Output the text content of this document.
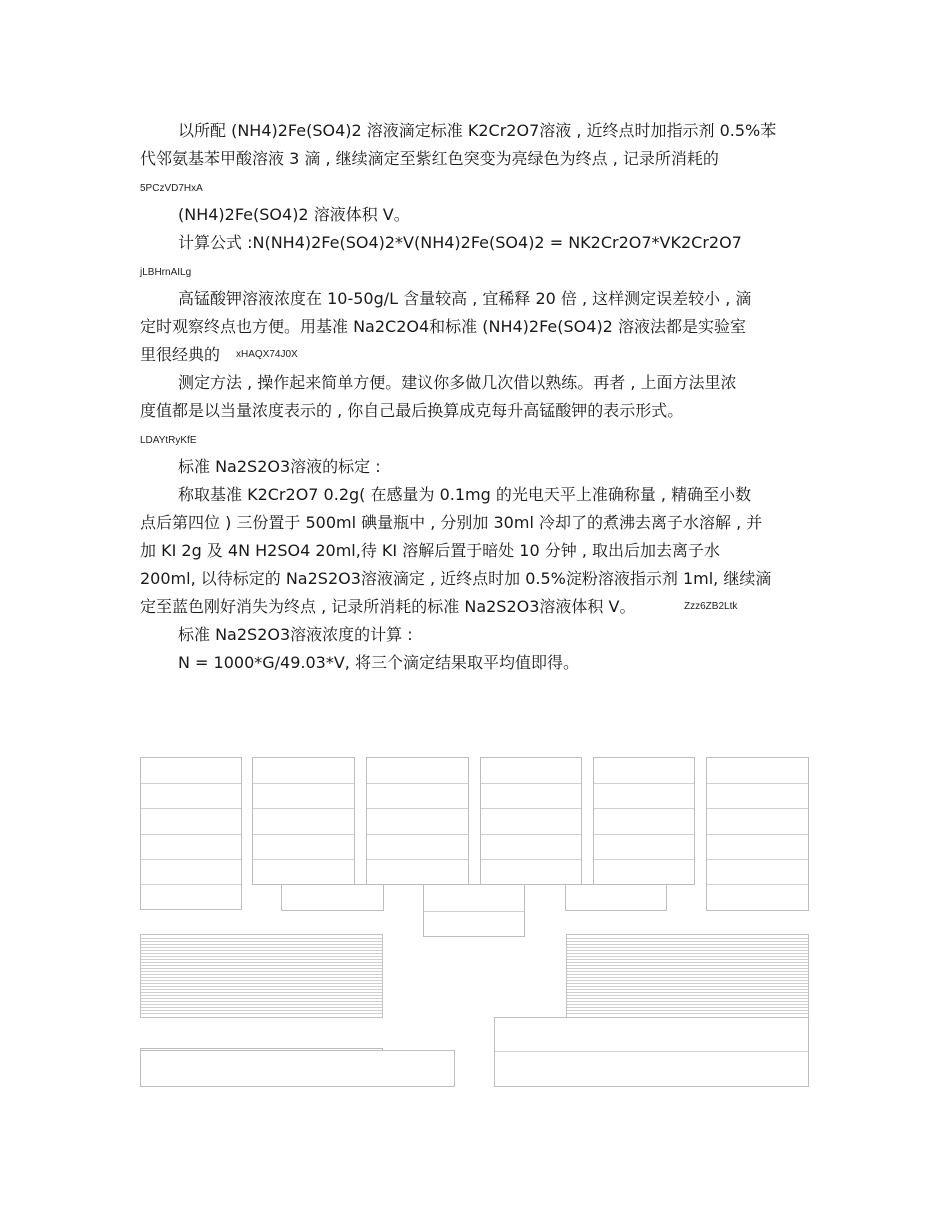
以所配 (NH4)2Fe(SO4)2 溶液滴定标准 K2Cr2O7溶液 , 近终点时加指示剂 0.5%苯
代邻氨基苯甲酸溶液 3 滴 , 继续滴定至紫红色突变为亮绿色为终点 , 记录所消耗的
5PCzVD7HxA
(NH4)2Fe(SO4)2 溶液体积 V。
计算公式 :N(NH4)2Fe(SO4)2*V(NH4)2Fe(SO4)2 = NK2Cr2O7*VK2Cr2O7
jLBHrnAILg
高锰酸钾溶液浓度在 10-50g/L 含量较高 , 宜稀释 20 倍 , 这样测定误差较小 , 滴
定时观察终点也方便。用基准 Na2C2O4和标准 (NH4)2Fe(SO4)2 溶液法都是实验室
里很经典的 xHAQX74J0X
测定方法 , 操作起来简单方便。建议你多做几次借以熟练。再者 , 上面方法里浓
度值都是以当量浓度表示的 , 你自己最后换算成克每升高锰酸钾的表示形式。
LDAYtRyKfE
标准 Na2S2O3溶液的标定 :
称取基准 K2Cr2O7 0.2g( 在感量为 0.1mg 的光电天平上准确称量 , 精确至小数
点后第四位 ) 三份置于 500ml 碘量瓶中 , 分别加 30ml 冷却了的煮沸去离子水溶解 , 并
加 KI 2g 及 4N H2SO4 20ml,待 KI 溶解后置于暗处 10 分钟 , 取出后加去离子水
200ml, 以待标定的 Na2S2O3溶液滴定 , 近终点时加 0.5%淀粉溶液指示剂 1ml, 继续滴
定至蓝色刚好消失为终点 , 记录所消耗的标准 Na2S2O3溶液体积 V。	Zzz6ZB2Ltk
标准 Na2S2O3溶液浓度的计算 :
N = 1000*G/49.03*V, 将三个滴定结果取平均值即得。
